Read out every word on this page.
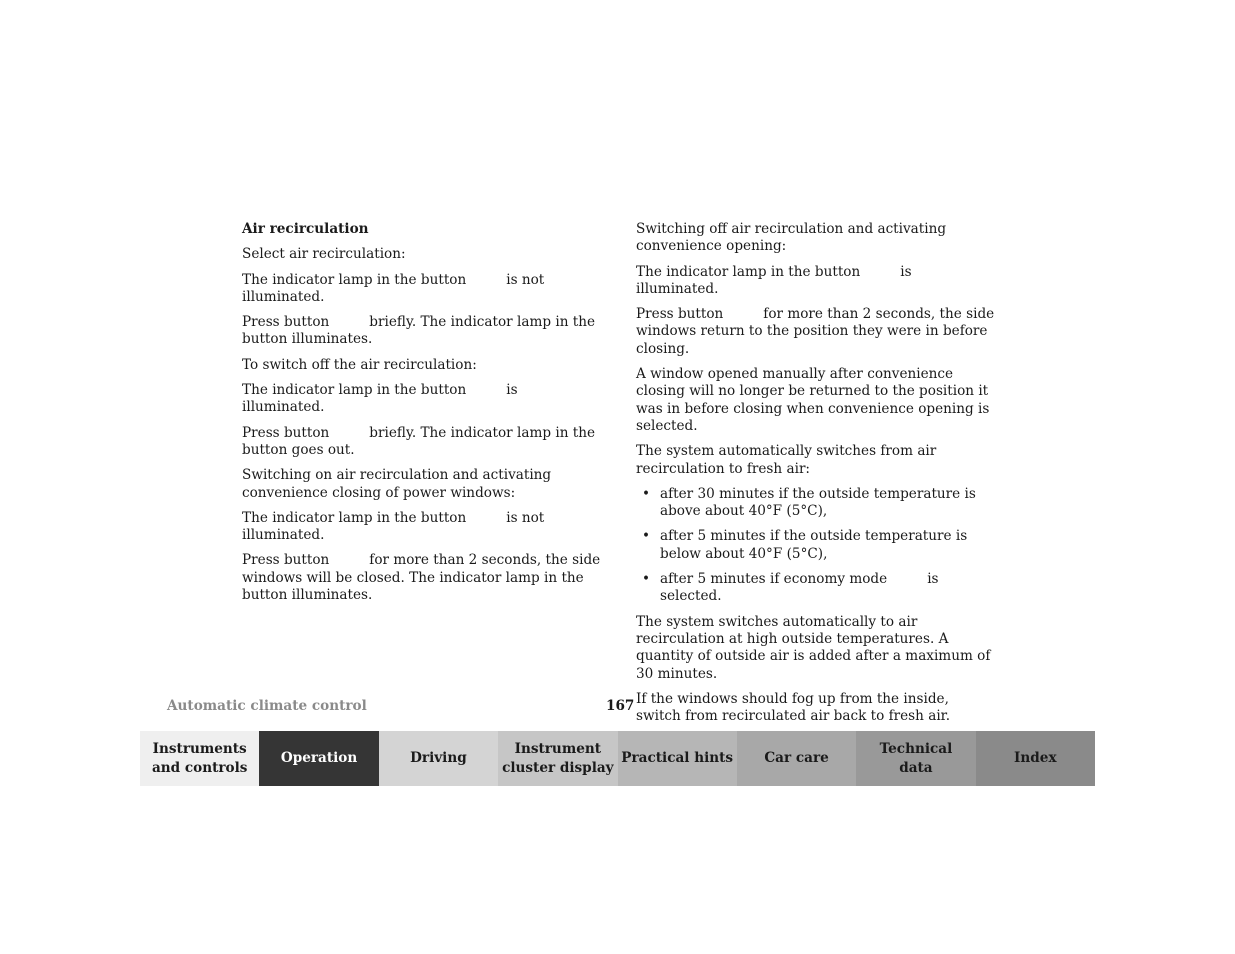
Air recirculation

Select air recirculation:

The indicator lamp in the button	is not illuminated.

Press button	briefly. The indicator lamp in the button illuminates.

To switch off the air recirculation:

The indicator lamp in the button	is illuminated.

Press button	briefly. The indicator lamp in the button goes out.

Switching on air recirculation and activating convenience closing of power windows:

The indicator lamp in the button	is not illuminated.

Press button	for more than 2 seconds, the side windows will be closed. The indicator lamp in the button illuminates.

Switching off air recirculation and activating convenience opening:

The indicator lamp in the button	is illuminated.

Press button	for more than 2 seconds, the side windows return to the position they were in before closing.

A window opened manually after convenience closing will no longer be returned to the position it was in before closing when convenience opening is selected.

The system automatically switches from air recirculation to fresh air:

• after 30 minutes if the outside temperature is above about 40°F (5°C),
• after 5 minutes if the outside temperature is below about 40°F (5°C),
• after 5 minutes if economy mode	is selected.

The system switches automatically to air recirculation at high outside temperatures. A quantity of outside air is added after a maximum of 30 minutes.

If the windows should fog up from the inside, switch from recirculated air back to fresh air.

Automatic climate control	167
Instruments
and controls
Operation	Driving
Instrument
cluster display
Practical hints	Car care
Technical
data
Index
